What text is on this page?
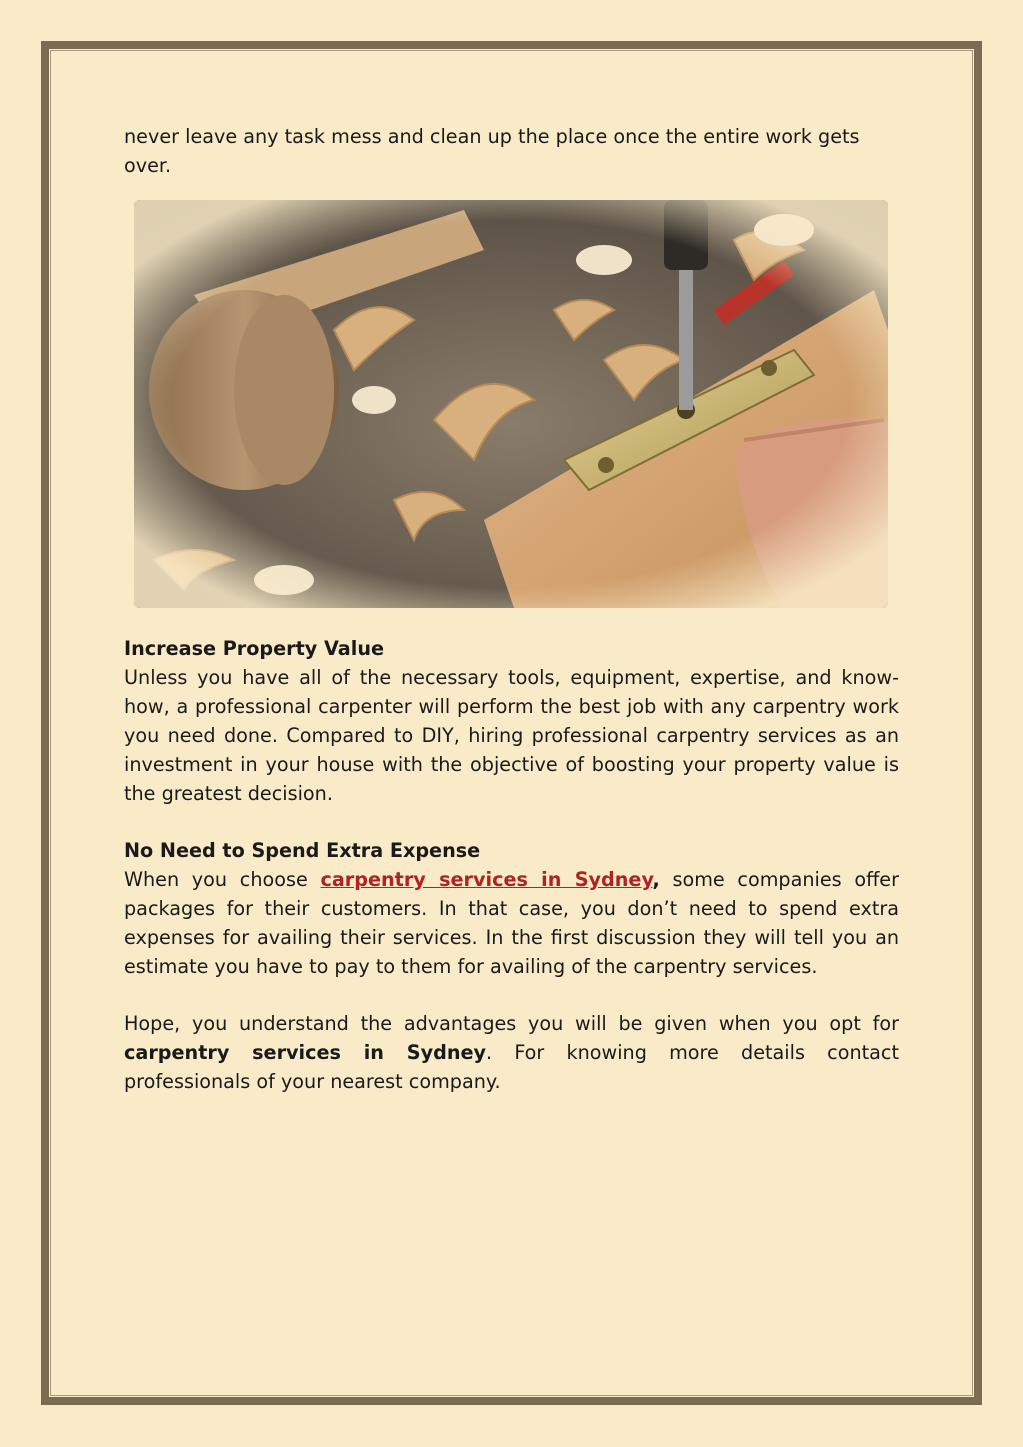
never leave any task mess and clean up the place once the entire work gets over.

Increase Property Value

Unless you have all of the necessary tools, equipment, expertise, and know-how, a professional carpenter will perform the best job with any carpentry work you need done. Compared to DIY, hiring professional carpentry services as an investment in your house with the objective of boosting your property value is the greatest decision.

No Need to Spend Extra Expense

When you choose carpentry services in Sydney, some companies offer packages for their customers. In that case, you don’t need to spend extra expenses for availing their services. In the first discussion they will tell you an estimate you have to pay to them for availing of the carpentry services.

Hope, you understand the advantages you will be given when you opt for carpentry services in Sydney. For knowing more details contact professionals of your nearest company.
